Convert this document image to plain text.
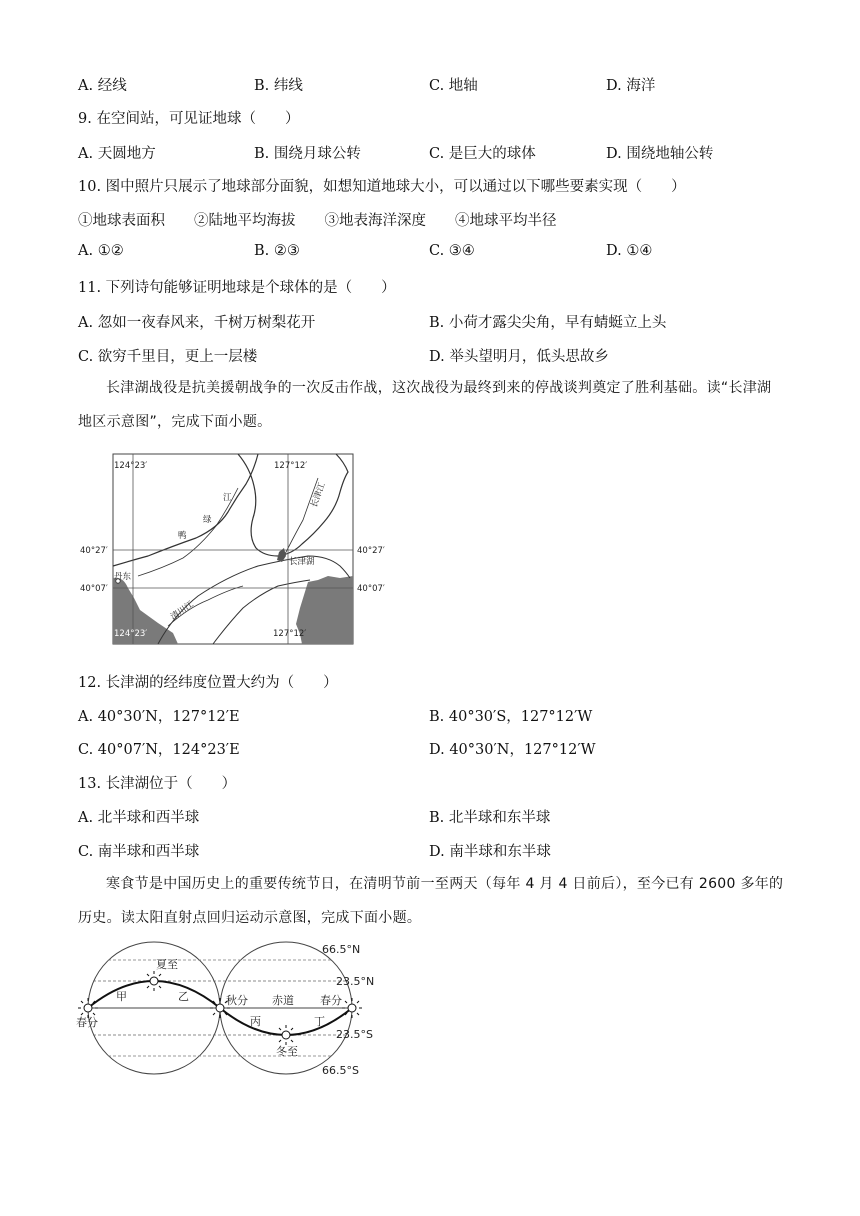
A. 经线	B. 纬线	C. 地轴	D. 海洋
9. 在空间站，可见证地球（　　）
A. 天圆地方	B. 围绕月球公转	C. 是巨大的球体	D. 围绕地轴公转
10. 图中照片只展示了地球部分面貌，如想知道地球大小，可以通过以下哪些要素实现（　　）
①地球表面积　　②陆地平均海拔　　③地表海洋深度　　④地球平均半径
A. ①②	B. ②③	C. ③④	D. ①④
11. 下列诗句能够证明地球是个球体的是（　　）
A. 忽如一夜春风来，千树万树梨花开	B. 小荷才露尖尖角，早有蜻蜓立上头
C. 欲穷千里目，更上一层楼	D. 举头望明月，低头思故乡
长津湖战役是抗美援朝战争的一次反击作战，这次战役为最终到来的停战谈判奠定了胜利基础。读“长津湖地区示意图”，完成下面小题。
124°23′	127°12′
124°23′	127°12′
40°27′	40°27′
40°07′	40°07′
丹东
长津湖
长津江
清川江
鸭
绿
江
12. 长津湖的经纬度位置大约为（　　）
A. 40°30′N，127°12′E	B. 40°30′S，127°12′W
C. 40°07′N，124°23′E	D. 40°30′N，127°12′W
13. 长津湖位于（　　）
A. 北半球和西半球	B. 北半球和东半球
C. 南半球和西半球	D. 南半球和东半球
寒食节是中国历史上的重要传统节日，在清明节前一至两天（每年 4 月 4 日前后），至今已有 2600 多年的历史。读太阳直射点回归运动示意图，完成下面小题。
66.5°N
23.5°N
23.5°S
66.5°S
夏至
冬至
春分
秋分	春分
赤道
甲	乙
丙	丁
